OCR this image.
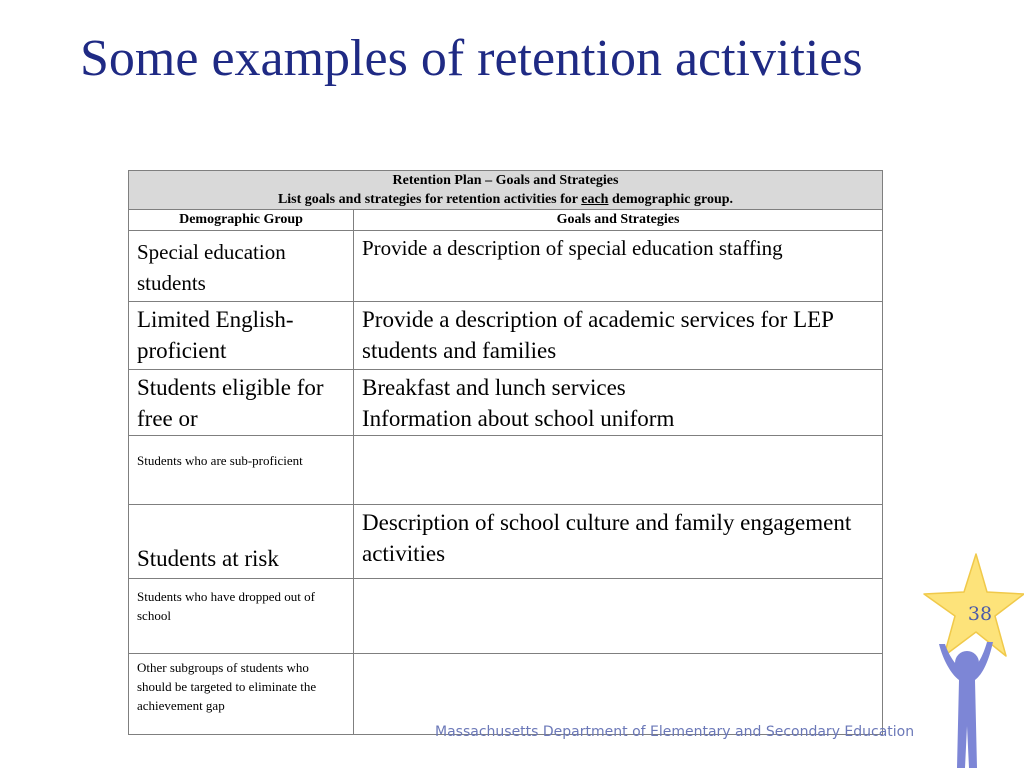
Some examples of retention activities
Retention Plan – Goals and Strategies
List goals and strategies for retention activities for each demographic group.	

Demographic Group	Goals and Strategies
Special education students	Provide a description of special education staffing
Limited English-proficient	Provide a description of academic services for LEP students and families
Students eligible for free or	Breakfast and lunch services
Information about school uniform

Students who are sub-proficient	
Students at risk	Description of school culture and family engagement activities
Students who have dropped out of school	
Other subgroups of students who should be targeted to eliminate the achievement gap	
Massachusetts Department of Elementary and Secondary Education
38
